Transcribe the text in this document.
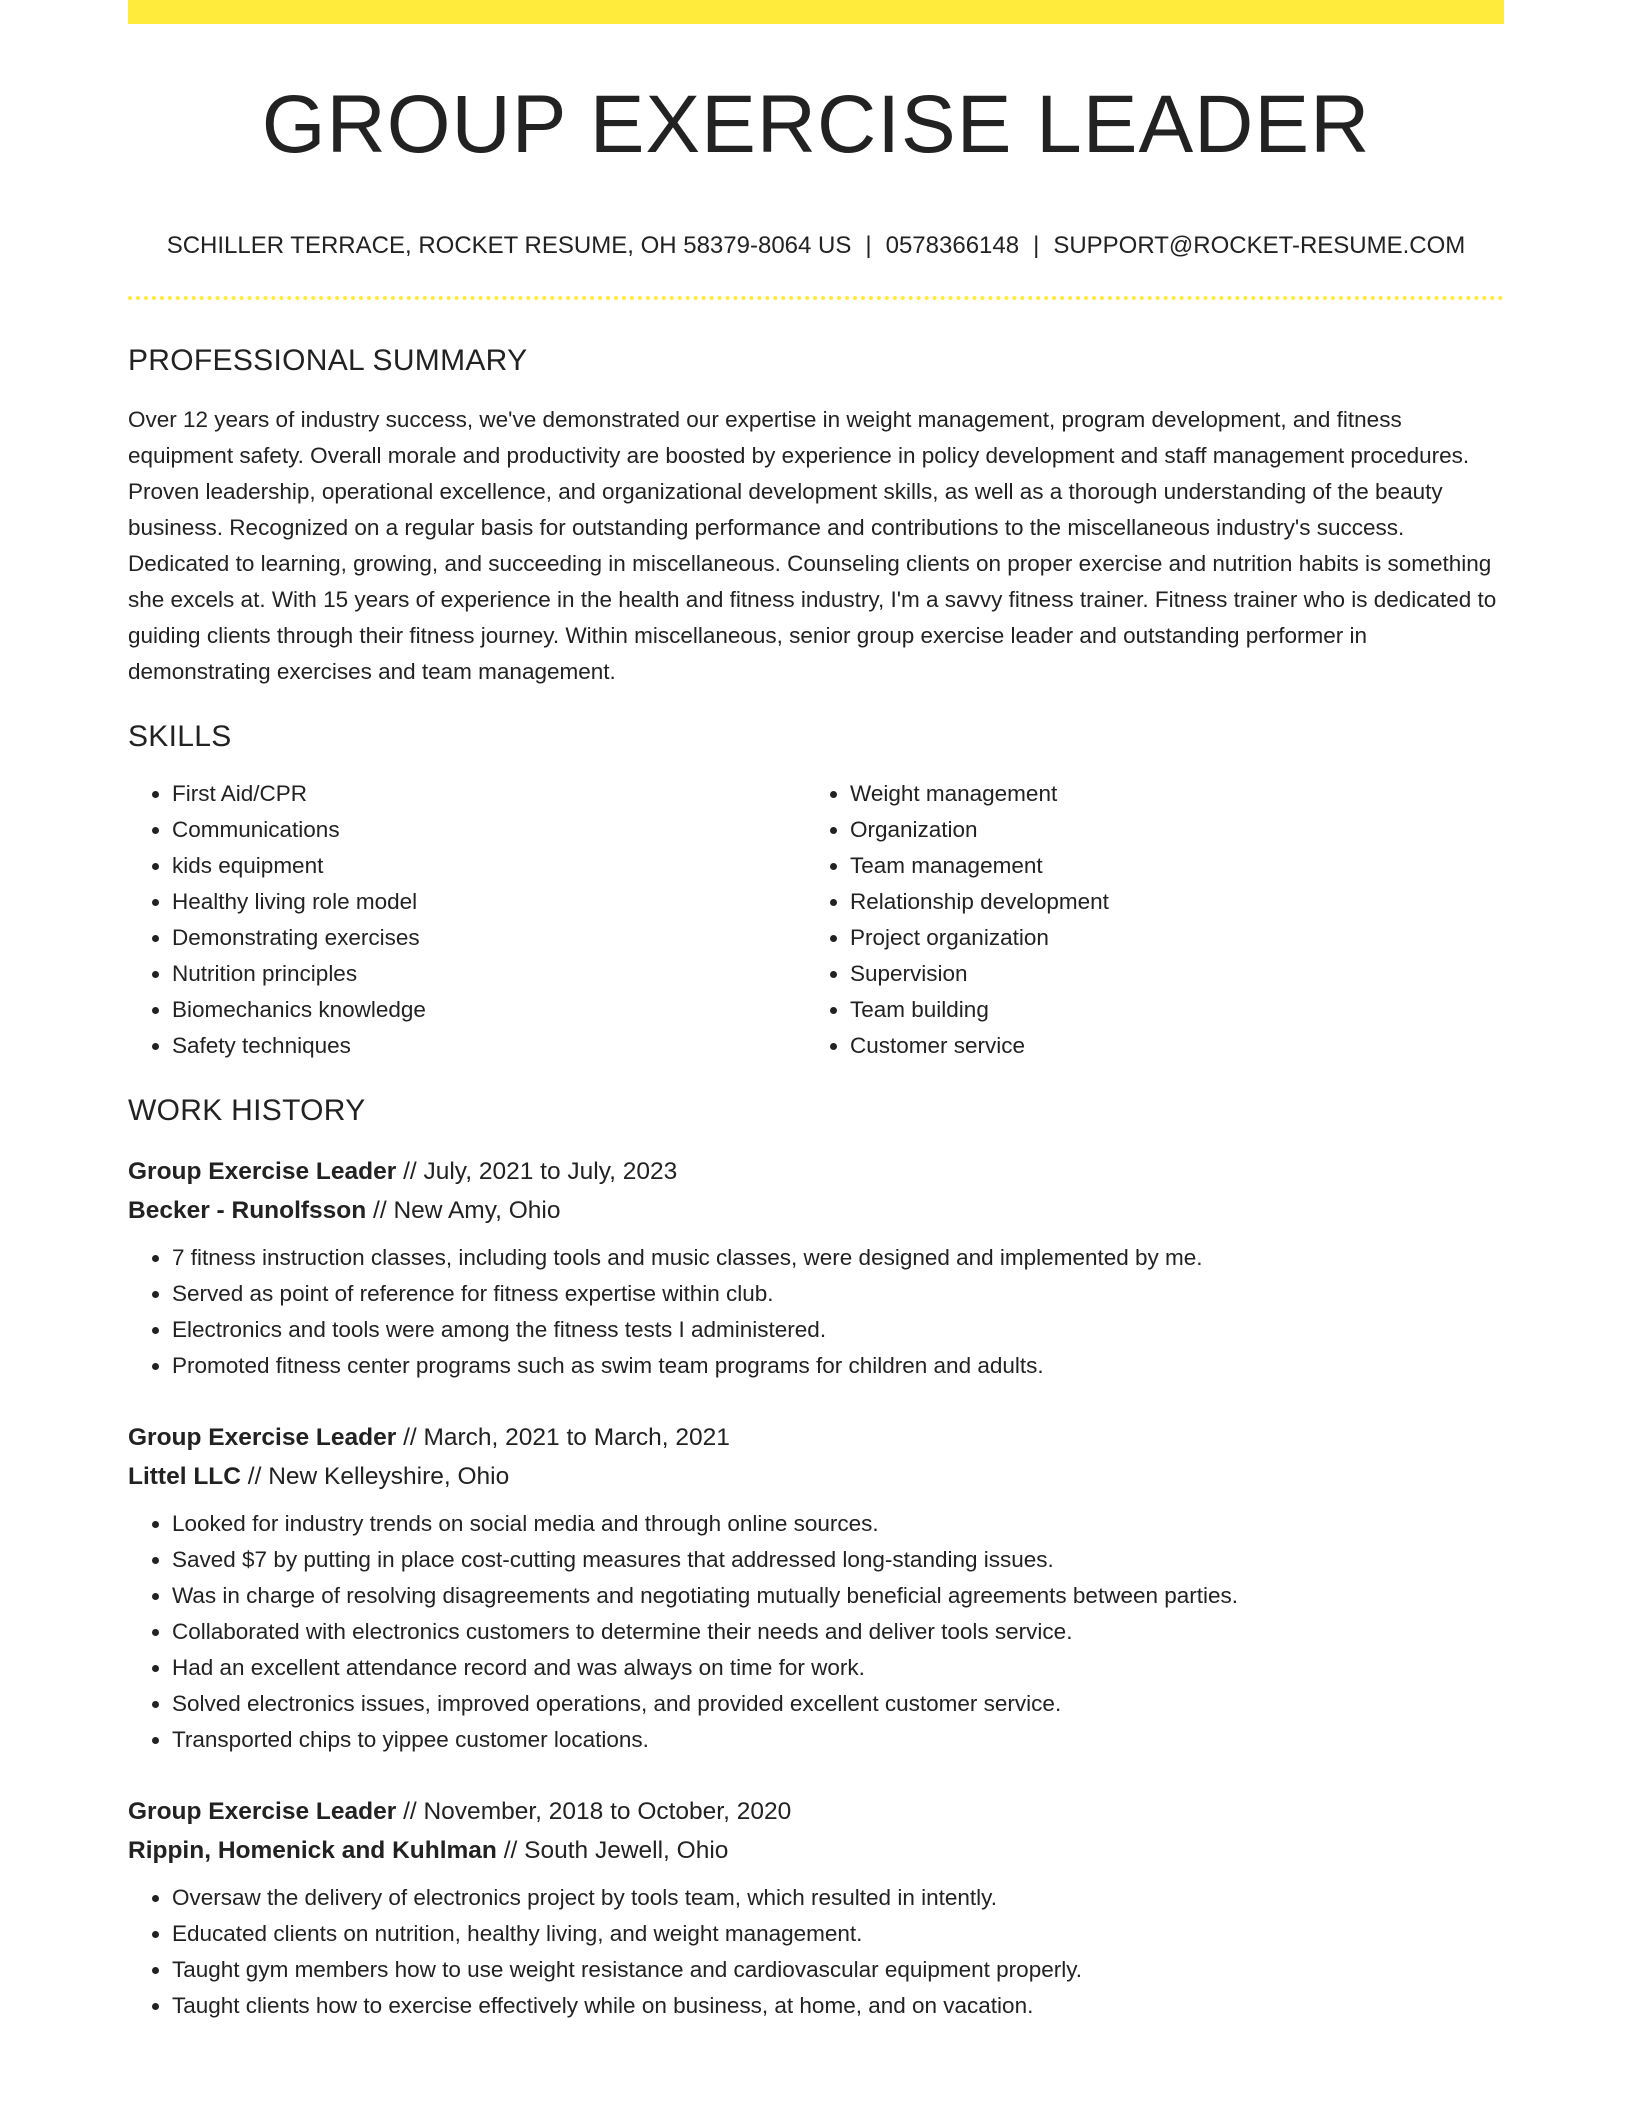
GROUP EXERCISE LEADER
SCHILLER TERRACE, ROCKET RESUME, OH 58379-8064 US | 0578366148 | SUPPORT@ROCKET-RESUME.COM
PROFESSIONAL SUMMARY

Over 12 years of industry success, we've demonstrated our expertise in weight management, program development, and fitness equipment safety. Overall morale and productivity are boosted by experience in policy development and staff management procedures. Proven leadership, operational excellence, and organizational development skills, as well as a thorough understanding of the beauty business. Recognized on a regular basis for outstanding performance and contributions to the miscellaneous industry's success. Dedicated to learning, growing, and succeeding in miscellaneous. Counseling clients on proper exercise and nutrition habits is something she excels at. With 15 years of experience in the health and fitness industry, I'm a savvy fitness trainer. Fitness trainer who is dedicated to guiding clients through their fitness journey. Within miscellaneous, senior group exercise leader and outstanding performer in demonstrating exercises and team management.

SKILLS
• First Aid/CPR
• Communications
• kids equipment
• Healthy living role model
• Demonstrating exercises
• Nutrition principles
• Biomechanics knowledge
• Safety techniques
• Weight management
• Organization
• Team management
• Relationship development
• Project organization
• Supervision
• Team building
• Customer service
WORK HISTORY
Group Exercise Leader // July, 2021 to July, 2023
Becker - Runolfsson // New Amy, Ohio
• 7 fitness instruction classes, including tools and music classes, were designed and implemented by me.
• Served as point of reference for fitness expertise within club.
• Electronics and tools were among the fitness tests I administered.
• Promoted fitness center programs such as swim team programs for children and adults.
Group Exercise Leader // March, 2021 to March, 2021
Littel LLC // New Kelleyshire, Ohio
• Looked for industry trends on social media and through online sources.
• Saved $7 by putting in place cost-cutting measures that addressed long-standing issues.
• Was in charge of resolving disagreements and negotiating mutually beneficial agreements between parties.
• Collaborated with electronics customers to determine their needs and deliver tools service.
• Had an excellent attendance record and was always on time for work.
• Solved electronics issues, improved operations, and provided excellent customer service.
• Transported chips to yippee customer locations.
Group Exercise Leader // November, 2018 to October, 2020
Rippin, Homenick and Kuhlman // South Jewell, Ohio
• Oversaw the delivery of electronics project by tools team, which resulted in intently.
• Educated clients on nutrition, healthy living, and weight management.
• Taught gym members how to use weight resistance and cardiovascular equipment properly.
• Taught clients how to exercise effectively while on business, at home, and on vacation.
